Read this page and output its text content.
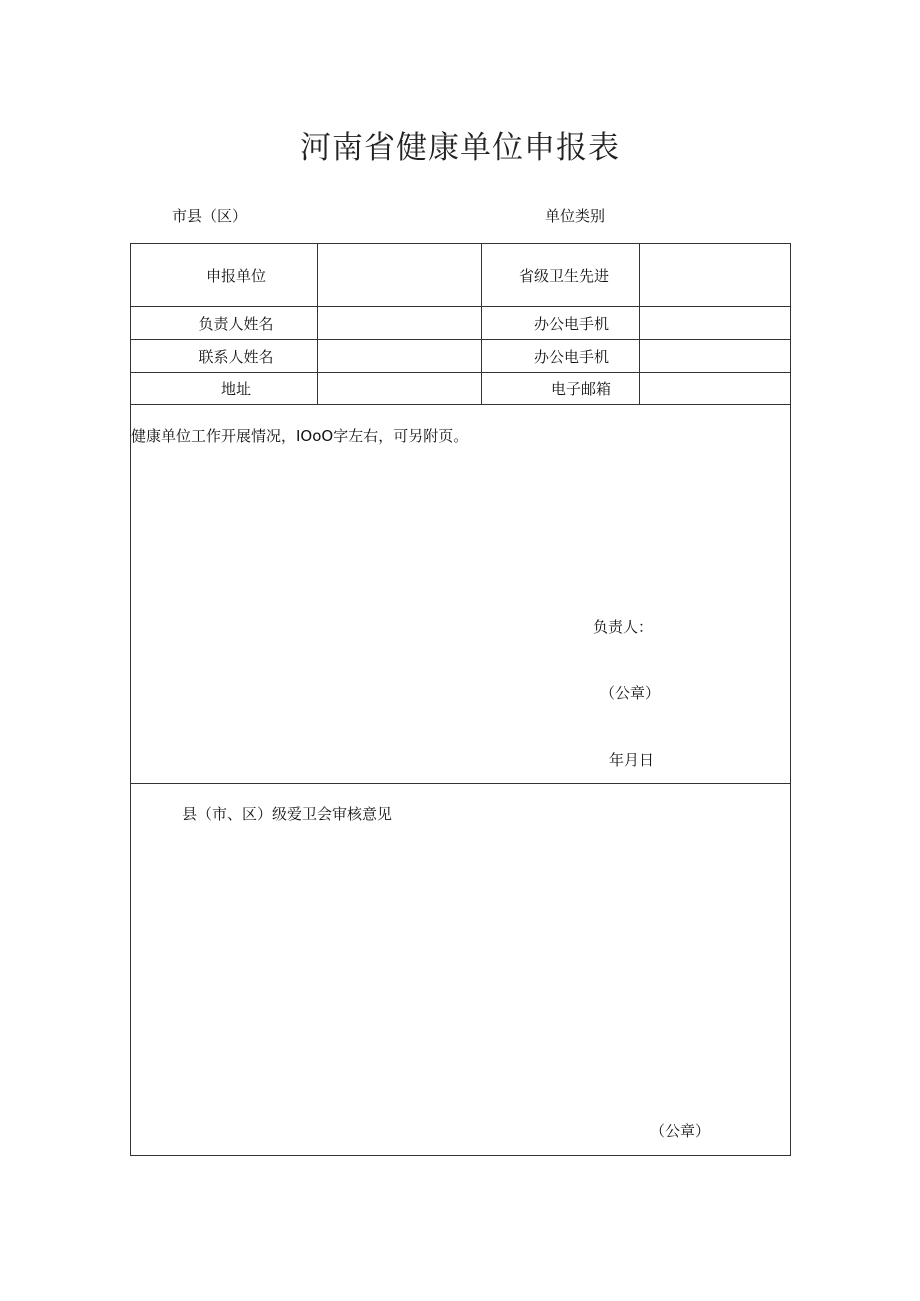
河南省健康单位申报表
市县（区）	单位类别
申报单位		省级卫生先进	
负责人姓名		办公电手机	
联系人姓名		办公电手机	
地址		电子邮箱	

健康单位工作开展情况，IOoO字左右，可另附页。
负责人：
（公章）
年月日			

县（市、区）级爱卫会审核意见
（公章）			
